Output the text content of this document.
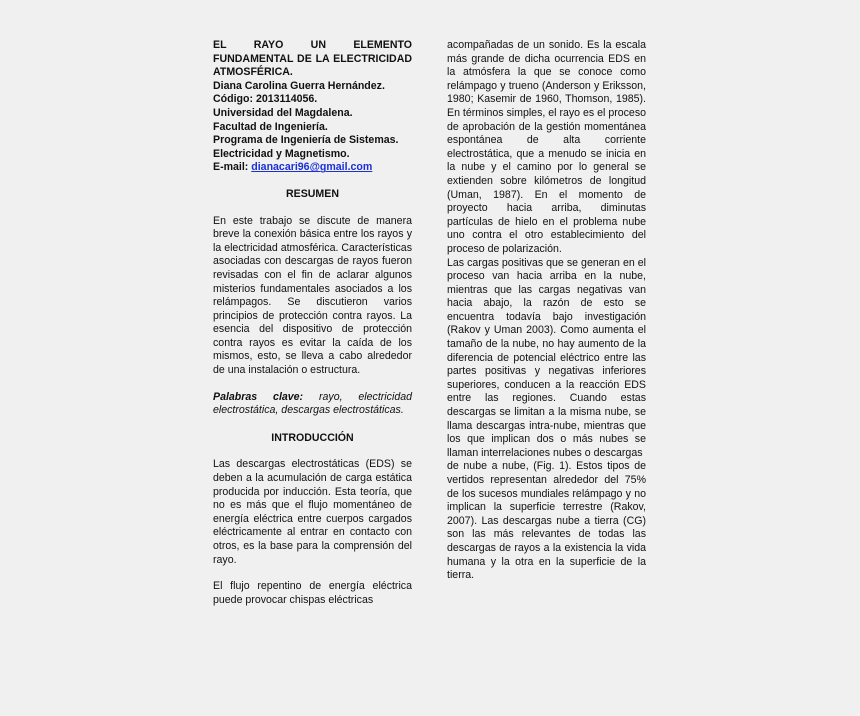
EL RAYO UN ELEMENTO FUNDAMENTAL DE LA ELECTRICIDAD ATMOSFÉRICA.

Diana Carolina Guerra Hernández.

Código: 2013114056.

Universidad del Magdalena.

Facultad de Ingeniería.

Programa de Ingeniería de Sistemas.

Electricidad y Magnetismo.

E-mail: dianacari96@gmail.com

RESUMEN

En este trabajo se discute de manera breve la conexión básica entre los rayos y la electricidad atmosférica. Características asociadas con descargas de rayos fueron revisadas con el fin de aclarar algunos misterios fundamentales asociados a los relámpagos. Se discutieron varios principios de protección contra rayos. La esencia del dispositivo de protección contra rayos es evitar la caída de los mismos, esto, se lleva a cabo alrededor de una instalación o estructura.

Palabras clave: rayo, electricidad electrostática, descargas electrostáticas.

INTRODUCCIÓN

Las descargas electrostáticas (EDS) se deben a la acumulación de carga estática producida por inducción. Esta teoría, que no es más que el flujo momentáneo de energía eléctrica entre cuerpos cargados eléctricamente al entrar en contacto con otros, es la base para la comprensión del rayo.

El flujo repentino de energía eléctrica puede provocar chispas eléctricas

acompañadas de un sonido. Es la escala más grande de dicha ocurrencia EDS en la atmósfera la que se conoce como relámpago y trueno (Anderson y Eriksson, 1980; Kasemir de 1960, Thomson, 1985). En términos simples, el rayo es el proceso de aprobación de la gestión momentánea espontánea de alta corriente electrostática, que a menudo se inicia en la nube y el camino por lo general se extienden sobre kilómetros de longitud (Uman, 1987). En el momento de proyecto hacia arriba, diminutas partículas de hielo en el problema nube uno contra el otro establecimiento del proceso de polarización.

Las cargas positivas que se generan en el proceso van hacia arriba en la nube, mientras que las cargas negativas van hacia abajo, la razón de esto se encuentra todavía bajo investigación (Rakov y Uman 2003). Como aumenta el tamaño de la nube, no hay aumento de la diferencia de potencial eléctrico entre las partes positivas y negativas inferiores superiores, conducen a la reacción EDS entre las regiones. Cuando estas descargas se limitan a la misma nube, se llama descargas intra-nube, mientras que los que implican dos o más nubes se llaman interrelaciones nubes o descargas

de nube a nube, (Fig. 1). Estos tipos de vertidos representan alrededor del 75% de los sucesos mundiales relámpago y no implican la superficie terrestre (Rakov, 2007). Las descargas nube a tierra (CG) son las más relevantes de todas las descargas de rayos a la existencia la vida humana y la otra en la superficie de la tierra.
